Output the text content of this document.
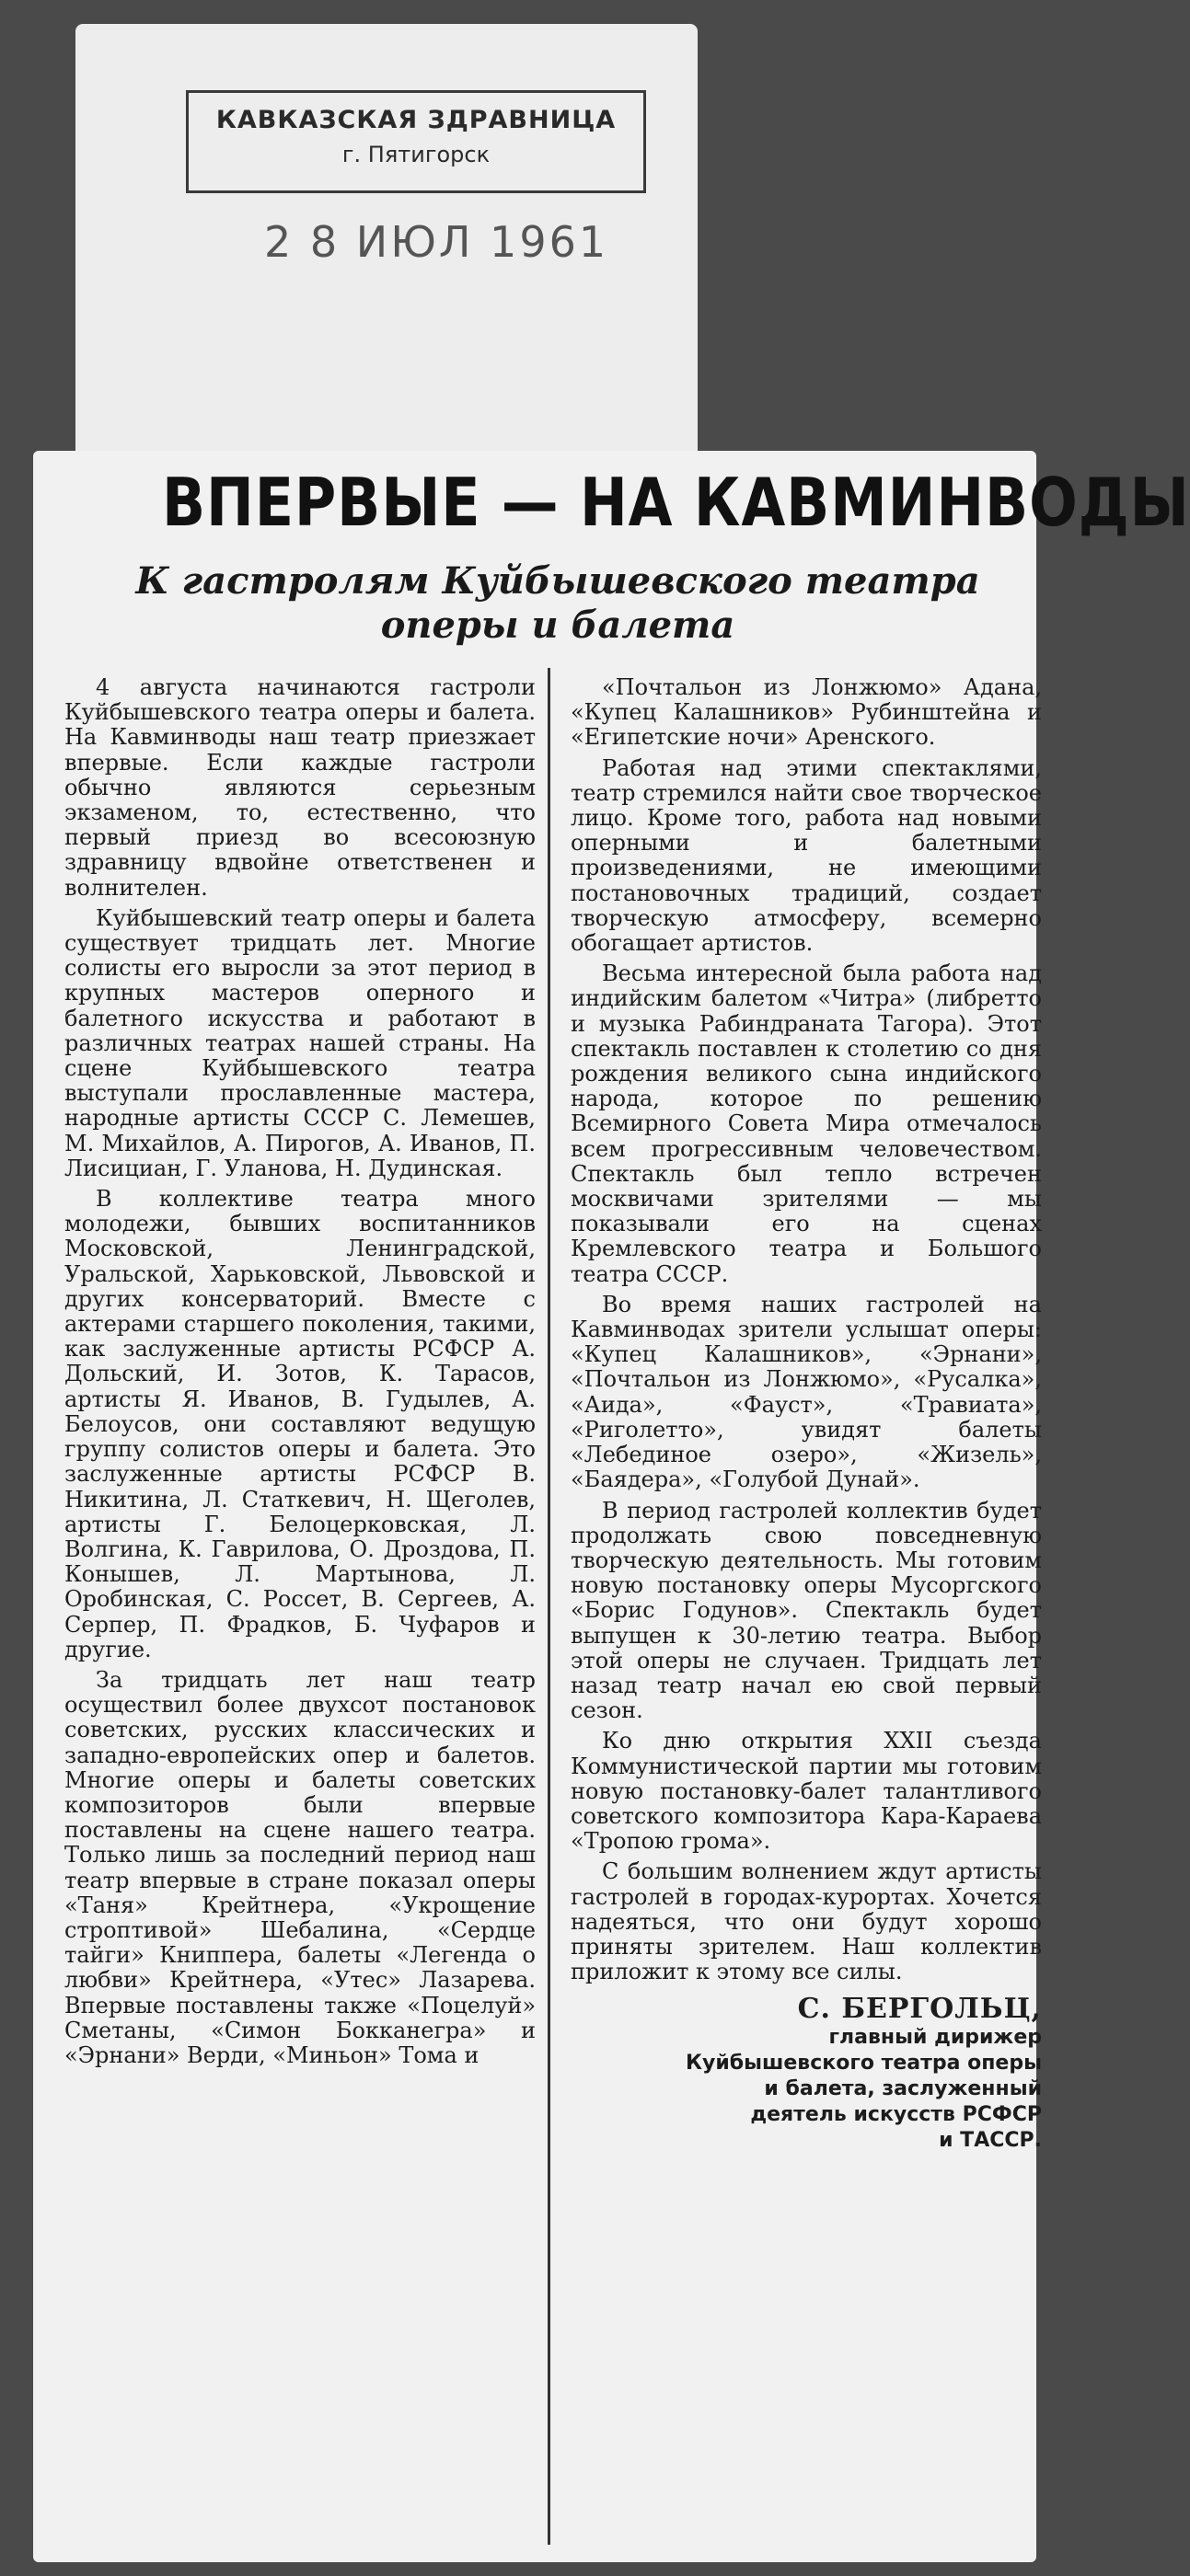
КАВКАЗСКАЯ ЗДРАВНИЦА
г. Пятигорск
2 8 ИЮЛ 1961
ВПЕРВЫЕ — НА КАВМИНВОДЫ
К гастролям Куйбышевского театра оперы и балета

4 августа начинаются гастроли Куйбышевского театра оперы и балета. На Кавминводы наш театр приезжает впервые. Если каждые гастроли обычно являются серьезным экзаменом, то, естественно, что первый приезд во всесоюзную здравницу вдвойне ответственен и волнителен.

Куйбышевский театр оперы и балета существует тридцать лет. Многие солисты его выросли за этот период в крупных мастеров оперного и балетного искусства и работают в различных театрах нашей страны. На сцене Куйбышевского театра выступали прославленные мастера, народные артисты СССР С. Лемешев, М. Михайлов, А. Пирогов, А. Иванов, П. Лисициан, Г. Уланова, Н. Дудинская.

В коллективе театра много молодежи, бывших воспитанников Московской, Ленинградской, Уральской, Харьковской, Львовской и других консерваторий. Вместе с актерами старшего поколения, такими, как заслуженные артисты РСФСР А. Дольский, И. Зотов, К. Тарасов, артисты Я. Иванов, В. Гудылев, А. Белоусов, они составляют ведущую группу солистов оперы и балета. Это заслуженные артисты РСФСР В. Никитина, Л. Статкевич, Н. Щеголев, артисты Г. Белоцерковская, Л. Волгина, К. Гаврилова, О. Дроздова, П. Конышев, Л. Мартынова, Л. Оробинская, С. Россет, В. Сергеев, А. Серпер, П. Фрадков, Б. Чуфаров и другие.

За тридцать лет наш театр осуществил более двухсот постановок советских, русских классических и западно-европейских опер и балетов. Многие оперы и балеты советских композиторов были впервые поставлены на сцене нашего театра. Только лишь за последний период наш театр впервые в стране показал оперы «Таня» Крейтнера, «Укрощение строптивой» Шебалина, «Сердце тайги» Книппера, балеты «Легенда о любви» Крейтнера, «Утес» Лазарева. Впервые поставлены также «Поцелуй» Сметаны, «Симон Бокканегра» и «Эрнани» Верди, «Миньон» Тома и

«Почтальон из Лонжюмо» Адана, «Купец Калашников» Рубинштейна и «Египетские ночи» Аренского.

Работая над этими спектаклями, театр стремился найти свое творческое лицо. Кроме того, работа над новыми оперными и балетными произведениями, не имеющими постановочных традиций, создает творческую атмосферу, всемерно обогащает артистов.

Весьма интересной была работа над индийским балетом «Читра» (либретто и музыка Рабиндраната Тагора). Этот спектакль поставлен к столетию со дня рождения великого сына индийского народа, которое по решению Всемирного Совета Мира отмечалось всем прогрессивным человечеством. Спектакль был тепло встречен москвичами зрителями — мы показывали его на сценах Кремлевского театра и Большого театра СССР.

Во время наших гастролей на Кавминводах зрители услышат оперы: «Купец Калашников», «Эрнани», «Почтальон из Лонжюмо», «Русалка», «Аида», «Фауст», «Травиата», «Риголетто», увидят балеты «Лебединое озеро», «Жизель», «Баядера», «Голубой Дунай».

В период гастролей коллектив будет продолжать свою повседневную творческую деятельность. Мы готовим новую постановку оперы Мусоргского «Борис Годунов». Спектакль будет выпущен к 30-летию театра. Выбор этой оперы не случаен. Тридцать лет назад театр начал ею свой первый сезон.

Ко дню открытия XXII съезда Коммунистической партии мы готовим новую постановку-балет талантливого советского композитора Кара-Караева «Тропою грома».

С большим волнением ждут артисты гастролей в городах-курортах. Хочется надеяться, что они будут хорошо приняты зрителем. Наш коллектив приложит к этому все силы.

С. БЕРГОЛЬЦ,
главный дирижер
Куйбышевского театра оперы
и балета, заслуженный
деятель искусств РСФСР
и ТАССР.
